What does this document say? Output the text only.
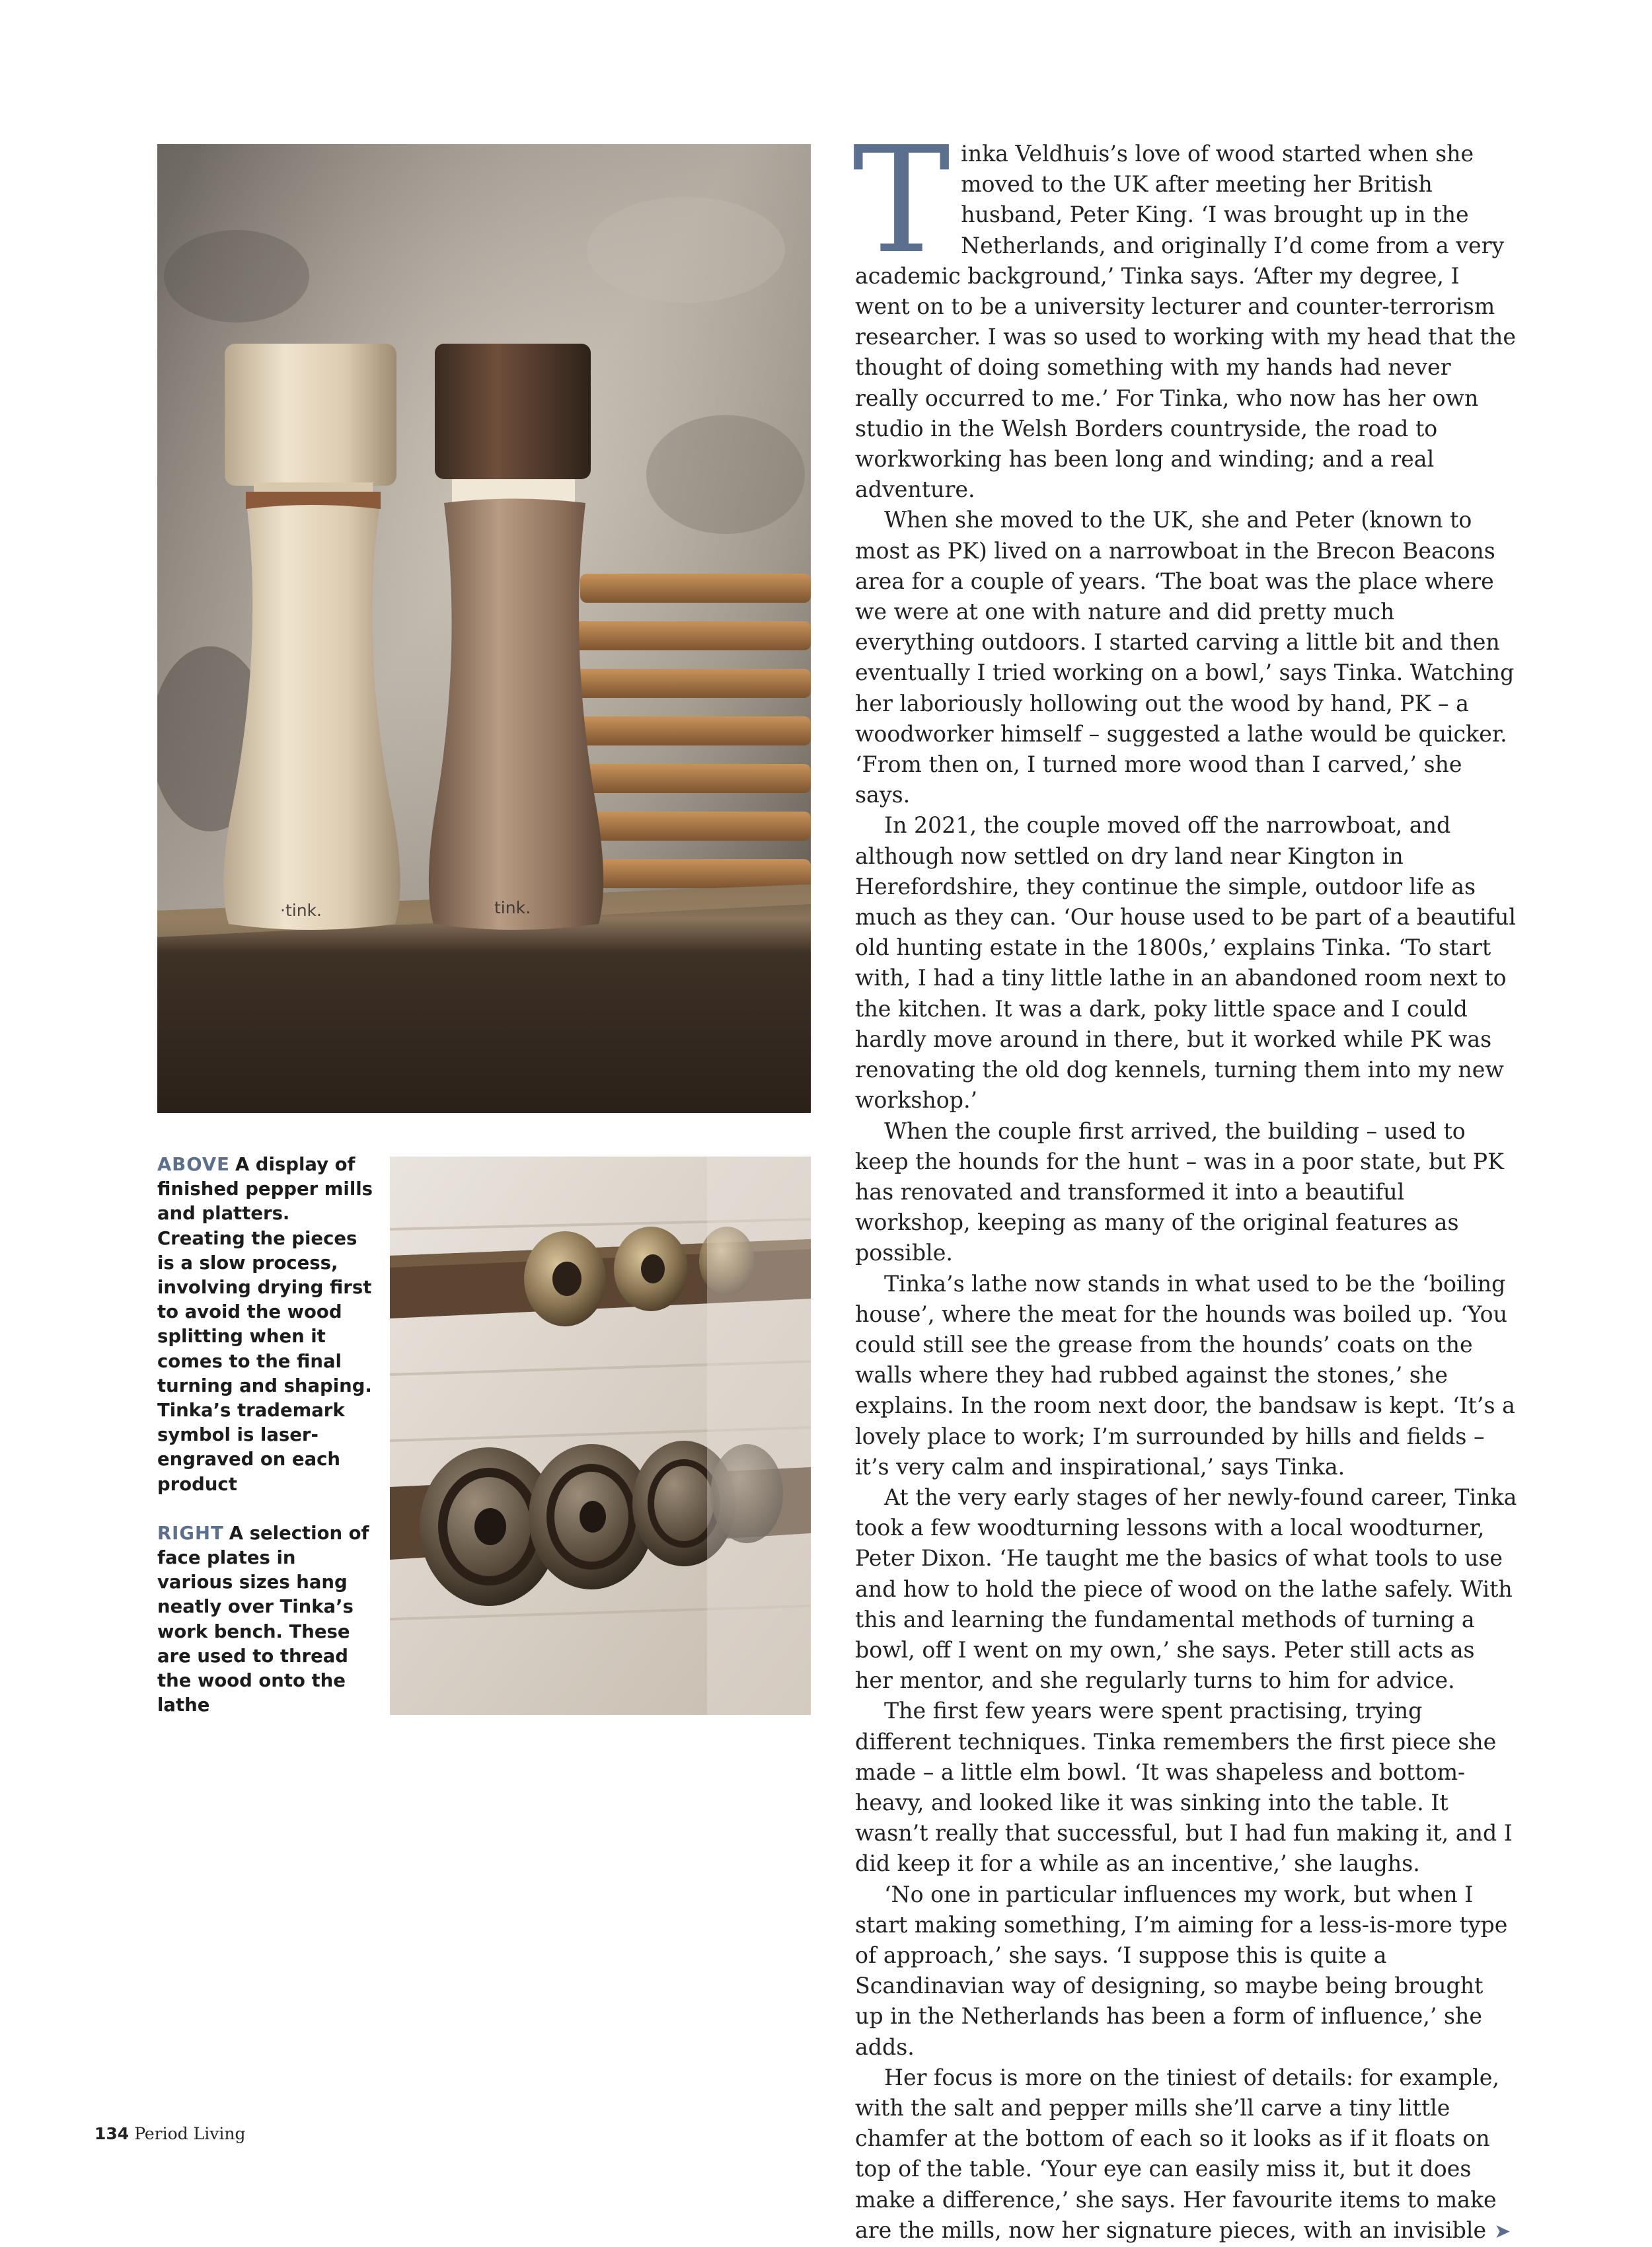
·tink.	tink.

ABOVE A display of finished pepper mills and platters. Creating the pieces is a slow process, involving drying first to avoid the wood splitting when it comes to the final turning and shaping. Tinka’s trademark symbol is laser-engraved on each product

RIGHT A selection of face plates in various sizes hang neatly over Tinka’s work bench. These are used to thread the wood onto the lathe

Tinka Veldhuis’s love of wood started when she moved to the UK after meeting her British husband, Peter King. ‘I was brought up in the Netherlands, and originally I’d come from a very academic background,’ Tinka says. ‘After my degree, I went on to be a university lecturer and counter-terrorism researcher. I was so used to working with my head that the thought of doing something with my hands had never really occurred to me.’ For Tinka, who now has her own studio in the Welsh Borders countryside, the road to workworking has been long and winding; and a real adventure.

When she moved to the UK, she and Peter (known to most as PK) lived on a narrowboat in the Brecon Beacons area for a couple of years. ‘The boat was the place where we were at one with nature and did pretty much everything outdoors. I started carving a little bit and then eventually I tried working on a bowl,’ says Tinka. Watching her laboriously hollowing out the wood by hand, PK – a woodworker himself – suggested a lathe would be quicker. ‘From then on, I turned more wood than I carved,’ she says.

In 2021, the couple moved off the narrowboat, and although now settled on dry land near Kington in Herefordshire, they continue the simple, outdoor life as much as they can. ‘Our house used to be part of a beautiful old hunting estate in the 1800s,’ explains Tinka. ‘To start with, I had a tiny little lathe in an abandoned room next to the kitchen. It was a dark, poky little space and I could hardly move around in there, but it worked while PK was renovating the old dog kennels, turning them into my new workshop.’

When the couple first arrived, the building – used to keep the hounds for the hunt – was in a poor state, but PK has renovated and transformed it into a beautiful workshop, keeping as many of the original features as possible.

Tinka’s lathe now stands in what used to be the ‘boiling house’, where the meat for the hounds was boiled up. ‘You could still see the grease from the hounds’ coats on the walls where they had rubbed against the stones,’ she explains. In the room next door, the bandsaw is kept. ‘It’s a lovely place to work; I’m surrounded by hills and fields – it’s very calm and inspirational,’ says Tinka.

At the very early stages of her newly-found career, Tinka took a few woodturning lessons with a local woodturner, Peter Dixon. ‘He taught me the basics of what tools to use and how to hold the piece of wood on the lathe safely. With this and learning the fundamental methods of turning a bowl, off I went on my own,’ she says. Peter still acts as her mentor, and she regularly turns to him for advice.

The first few years were spent practising, trying different techniques. Tinka remembers the first piece she made – a little elm bowl. ‘It was shapeless and bottom-heavy, and looked like it was sinking into the table. It wasn’t really that successful, but I had fun making it, and I did keep it for a while as an incentive,’ she laughs.

‘No one in particular influences my work, but when I start making something, I’m aiming for a less-is-more type of approach,’ she says. ‘I suppose this is quite a Scandinavian way of designing, so maybe being brought up in the Netherlands has been a form of influence,’ she adds.

Her focus is more on the tiniest of details: for example, with the salt and pepper mills she’ll carve a tiny little chamfer at the bottom of each so it looks as if it floats on top of the table. ‘Your eye can easily miss it, but it does make a difference,’ she says. Her favourite items to make are the mills, now her signature pieces, with an invisible ➤

134 Period Living
